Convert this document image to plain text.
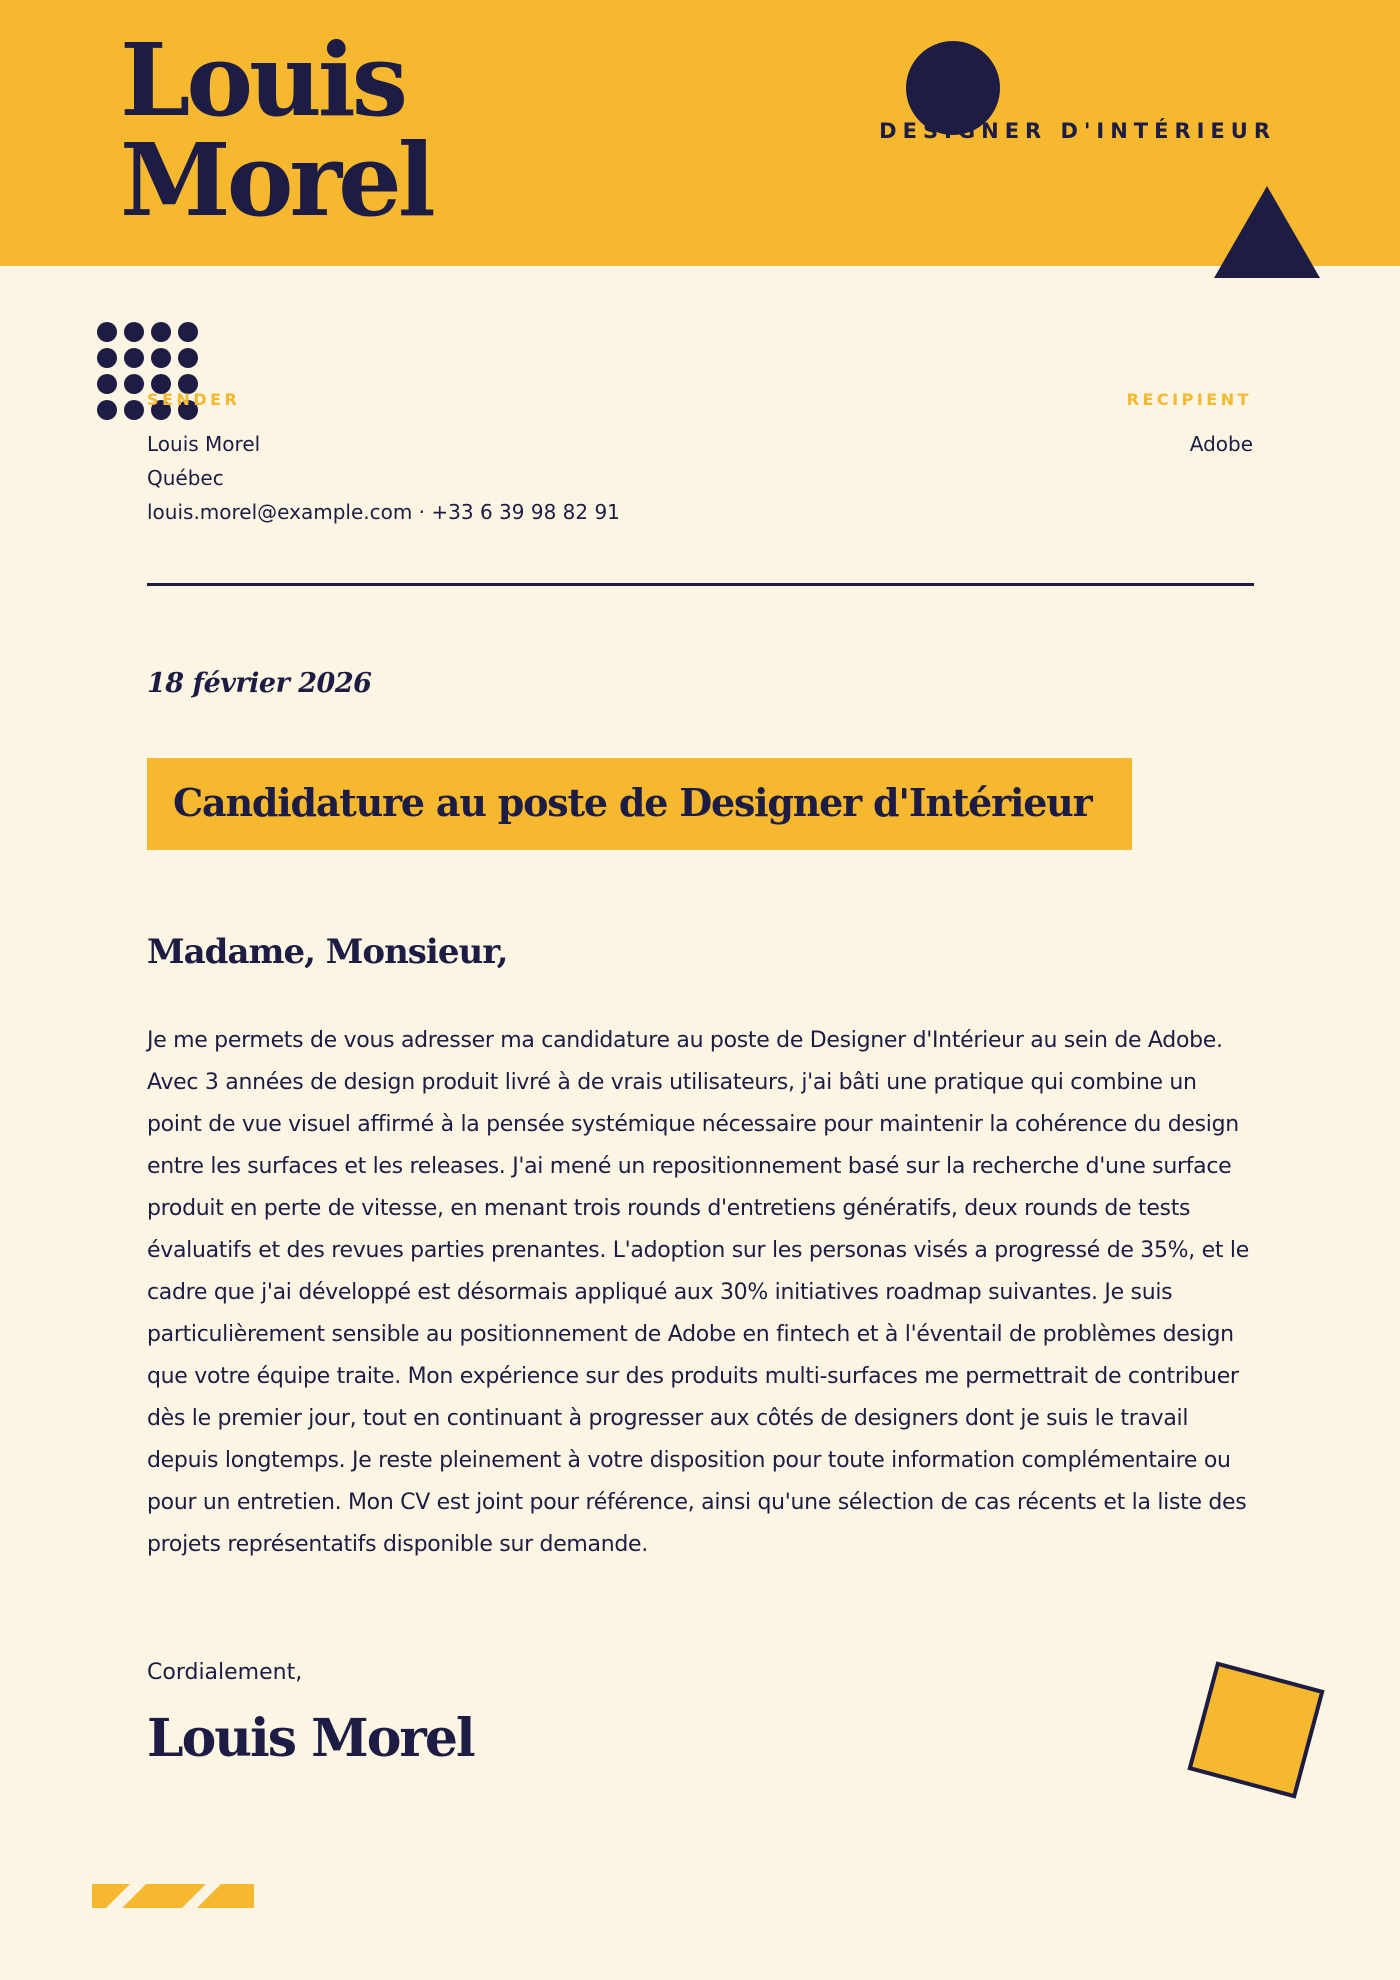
Louis
Morel	DESIGNER D'INTÉRIEUR
SENDER
Louis Morel
Québec
louis.morel@example.com · +33 6 39 98 82 91
RECIPIENT
Adobe
18 février 2026
Candidature au poste de Designer d'Intérieur
Madame, Monsieur,
Je me permets de vous adresser ma candidature au poste de Designer d'Intérieur au sein de Adobe. Avec 3 années de design produit livré à de vrais utilisateurs, j'ai bâti une pratique qui combine un point de vue visuel affirmé à la pensée systémique nécessaire pour maintenir la cohérence du design entre les surfaces et les releases. J'ai mené un repositionnement basé sur la recherche d'une surface produit en perte de vitesse, en menant trois rounds d'entretiens génératifs, deux rounds de tests évaluatifs et des revues parties prenantes. L'adoption sur les personas visés a progressé de 35%, et le cadre que j'ai développé est désormais appliqué aux 30% initiatives roadmap suivantes. Je suis particulièrement sensible au positionnement de Adobe en fintech et à l'éventail de problèmes design que votre équipe traite. Mon expérience sur des produits multi-surfaces me permettrait de contribuer dès le premier jour, tout en continuant à progresser aux côtés de designers dont je suis le travail depuis longtemps. Je reste pleinement à votre disposition pour toute information complémentaire ou pour un entretien. Mon CV est joint pour référence, ainsi qu'une sélection de cas récents et la liste des projets représentatifs disponible sur demande.
Cordialement,
Louis Morel
